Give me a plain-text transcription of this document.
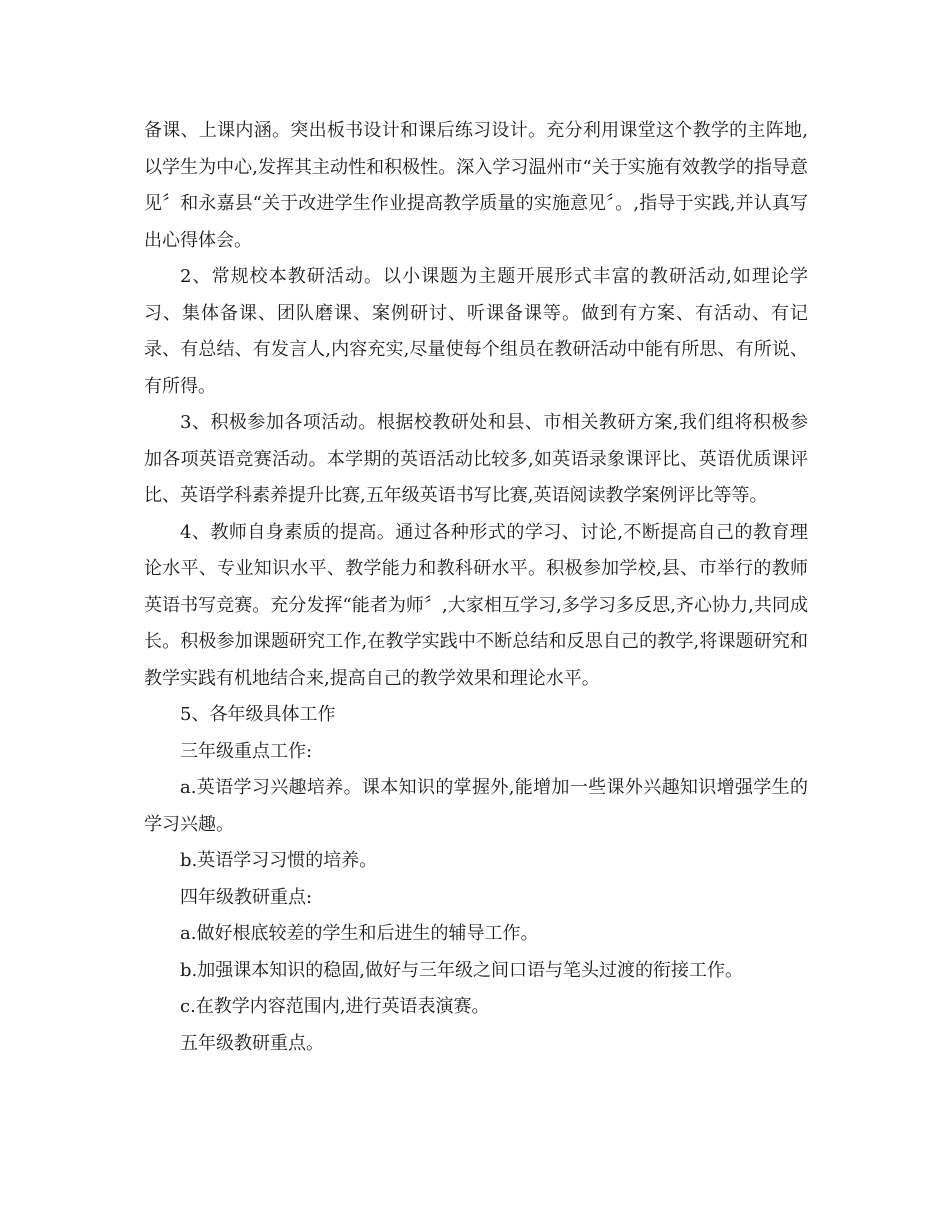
备课、上课内涵。突出板书设计和课后练习设计。充分利用课堂这个教学的主阵地,以学生为中心,发挥其主动性和积极性。深入学习温州市“关于实施有效教学的指导意见〞和永嘉县“关于改进学生作业提高教学质量的实施意见〞。,指导于实践,并认真写出心得体会。

2、常规校本教研活动。以小课题为主题开展形式丰富的教研活动,如理论学习、集体备课、团队磨课、案例研讨、听课备课等。做到有方案、有活动、有记录、有总结、有发言人,内容充实,尽量使每个组员在教研活动中能有所思、有所说、有所得。

3、积极参加各项活动。根据校教研处和县、市相关教研方案,我们组将积极参加各项英语竞赛活动。本学期的英语活动比较多,如英语录象课评比、英语优质课评比、英语学科素养提升比赛,五年级英语书写比赛,英语阅读教学案例评比等等。

4、教师自身素质的提高。通过各种形式的学习、讨论,不断提高自己的教育理论水平、专业知识水平、教学能力和教科研水平。积极参加学校,县、市举行的教师英语书写竞赛。充分发挥“能者为师〞,大家相互学习,多学习多反思,齐心协力,共同成长。积极参加课题研究工作,在教学实践中不断总结和反思自己的教学,将课题研究和教学实践有机地结合来,提高自己的教学效果和理论水平。

5、各年级具体工作

三年级重点工作:

a.英语学习兴趣培养。课本知识的掌握外,能增加一些课外兴趣知识增强学生的学习兴趣。

b.英语学习习惯的培养。

四年级教研重点:

a.做好根底较差的学生和后进生的辅导工作。

b.加强课本知识的稳固,做好与三年级之间口语与笔头过渡的衔接工作。

c.在教学内容范围内,进行英语表演赛。

五年级教研重点。
